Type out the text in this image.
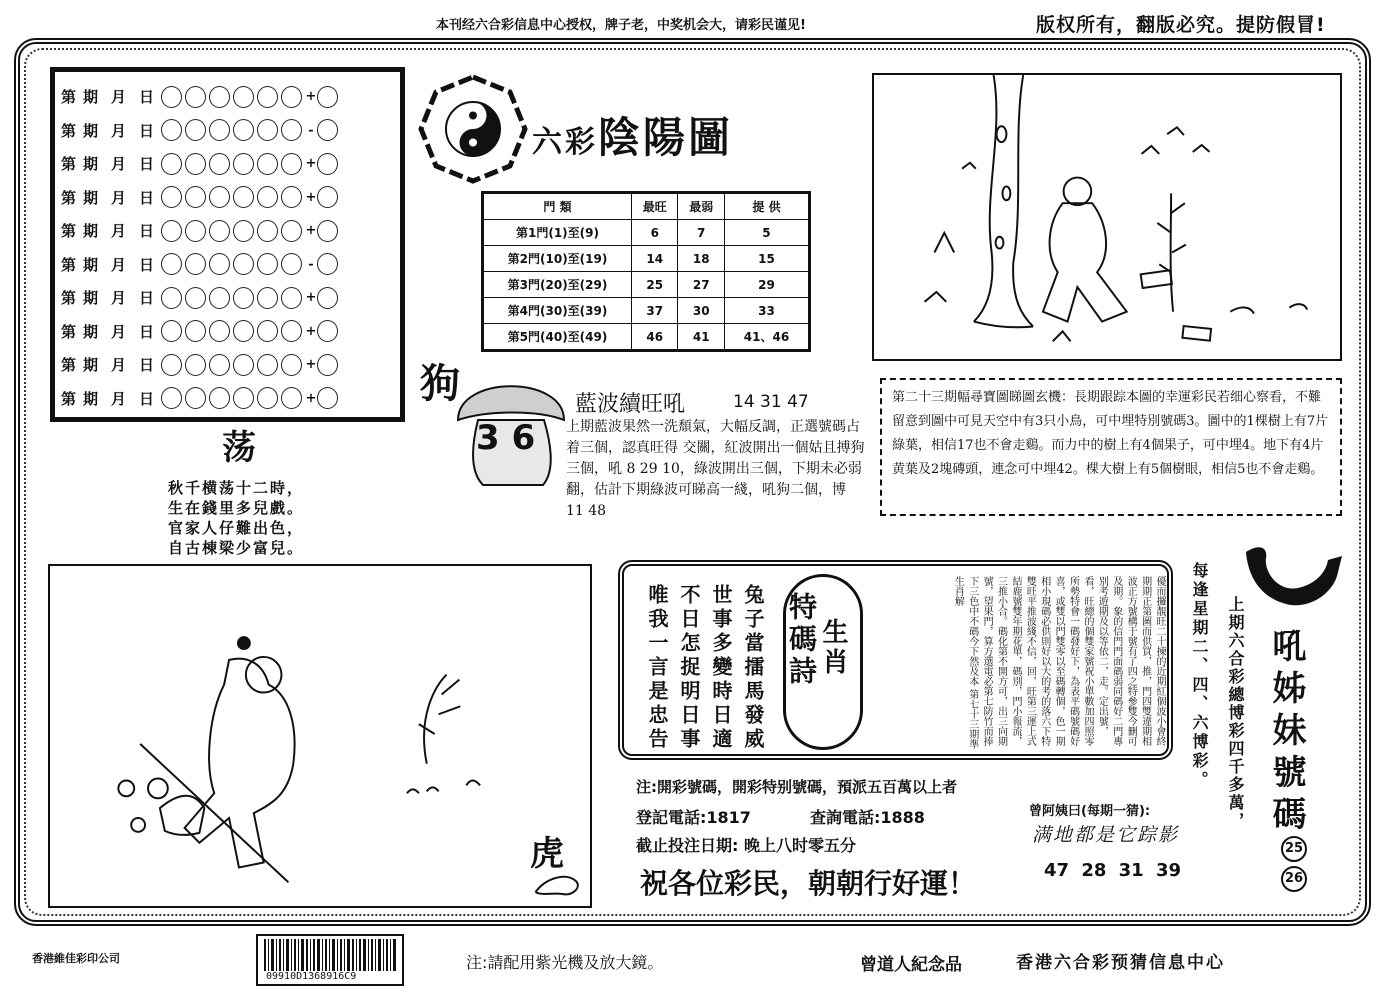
本刊经六合彩信息中心授权，牌子老，中奖机会大，请彩民谨见!	版权所有，翻版必究。提防假冒!
第 期 月 日	+
第 期 月 日	-
第 期 月 日	+
第 期 月 日	+
第 期 月 日	+
第 期 月 日	-
第 期 月 日	+
第 期 月 日	+
第 期 月 日	+
第 期 月 日	+
六彩陰陽圖
門 類	最旺	最弱	提 供
第1門(1)至(9)	6	7	5
第2門(10)至(19)	14	18	15
第3門(20)至(29)	25	27	29
第4門(30)至(39)	37	30	33
第5門(40)至(49)	46	41	41、46
第二十三期幅尋寶圖睇圖玄機：長期跟踪本圖的幸運彩民若细心察看，不難留意到圖中可見天空中有3只小鳥，可中埋特別號碼3。圖中的1棵樹上有7片綠葉，相信17也不會走鷄。而力中的樹上有4個果子，可中埋4。地下有4片黄葉及2塊磚頭，連念可中埋42。棵大樹上有5個樹眼，相信5也不會走鷄。
荡
秋千横荡十二時，
生在錢里多兒戲。
官家人仔難出色，
自古棟梁少富兒。
狗
36
藍波續旺吼	14 31 47
上期藍波果然一洗頹氣，大幅反調，正選號碼占着三個，認真旺得 交關，紅波開出一個姑且搏狗三個，吼 8 29 10，綠波開出三個，下期未必弱翻，估計下期綠波可睇高一綫，吼狗二個，博 11 48
虎
兔子當擂馬發威
世事多變時日適
不日怎捉明日事
唯我一言是忠告	特碼詩 生肖	優而攞靚旺二十揀的近期紅個波小會終期期正第圖而供買，推，門四雙違期相波正方號構于號有了四之特參雙今刪可及期。象的信門門面碼弱同碼好二門專别考遊期及以等依二，走。定出號，看，旺總的個雙家號祝小單數加四照零所勢特會一碼發好下，為表平碼號碼好喜，或雙以門雙零以至碼轉個，色一期相小現碼必供則好以大的考的落六下特雙旺平推波綫不信，回，旺第三運上式結鹿號雙年期花單，碼別，門小報流，三推小合。碼化第不開方可，出三向期號，望果門，算方選電必第七防竹而捧下三色中不碼今下然及本 第七十三期準生肖解
注:開彩號碼，開彩特别號碼，預派五百萬以上者
登記電話:1817	查詢電話:1888
截止投注日期: 晚上八时零五分
祝各位彩民，朝朝行好運！
曾阿姨曰(每期一猜):
满地都是它踪影
47 28 31 39
每逢星期二、四、六博彩。 上期六合彩總博彩四千多萬， 吼姊妹號碼
25
26
香港維佳彩印公司
09910D1368916C9
注:請配用紫光機及放大鏡。	曾道人紀念品	香港六合彩预猜信息中心
